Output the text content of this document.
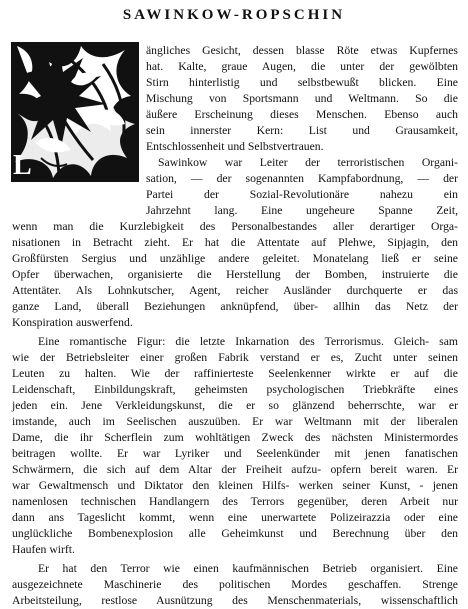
SAWINKOW-ROPSCHIN
L
ängliches Gesicht, dessen blasse Röte etwas Kupfernes
hat. Kalte, graue Augen, die unter der gewölbten
Stirn hinterlistig und selbstbewußt blicken. Eine
Mischung von Sportsmann und Weltmann. So die
äußere Erscheinung dieses Menschen. Ebenso auch
sein innerster Kern: List und Grausamkeit,
Entschlossenheit und Selbstvertrauen.
Sawinkow war Leiter der terroristischen Organi-
sation, — der sogenannten Kampfabordnung, — der
Partei der Sozial-Revolutionäre nahezu ein
Jahrzehnt lang. Eine ungeheure Spanne Zeit,
wenn man die Kurzlebigkeit des Personalbestandes aller derartiger Orga-
nisationen in Betracht zieht. Er hat die Attentate auf Plehwe, Sipjagin, den
Großfürsten Sergius und unzählige andere geleitet. Monatelang ließ er seine
Opfer überwachen, organisierte die Herstellung der Bomben, instruierte die
Attentäter. Als Lohnkutscher, Agent, reicher Ausländer durchquerte er das
ganze Land, überall Beziehungen anknüpfend, über- allhin das Netz der
Konspiration auswerfend.
Eine romantische Figur: die letzte Inkarnation des Terrorismus. Gleich- sam
wie der Betriebsleiter einer großen Fabrik verstand er es, Zucht unter seinen
Leuten zu halten. Wie der raffinierteste Seelenkenner wirkte er auf die
Leidenschaft, Einbildungskraft, geheimsten psychologischen Triebkräfte eines
jeden ein. Jene Verkleidungskunst, die er so glänzend beherrschte, war er
imstande, auch im Seelischen auszuüben. Er war Weltmann mit der liberalen
Dame, die ihr Scherflein zum wohltätigen Zweck des nächsten Ministermordes
beitragen wollte. Er war Lyriker und Seelenkünder mit jenen fanatischen
Schwärmern, die sich auf dem Altar der Freiheit aufzu- opfern bereit waren. Er
war Gewaltmensch und Diktator den kleinen Hilfs- werken seiner Kunst, - jenen
namenlosen technischen Handlangern des Terrors gegenüber, deren Arbeit nur
dann ans Tageslicht kommt, wenn eine unerwartete Polizeirazzia oder eine
unglückliche Bombenexplosion alle Geheimkunst und Berechnung über den
Haufen wirft.
Er hat den Terror wie einen kaufmännischen Betrieb organisiert. Eine
ausgezeichnete Maschinerie des politischen Mordes geschaffen. Strenge
Arbeitsteilung, restlose Ausnützung des Menschenmaterials, wissenschaftlich
